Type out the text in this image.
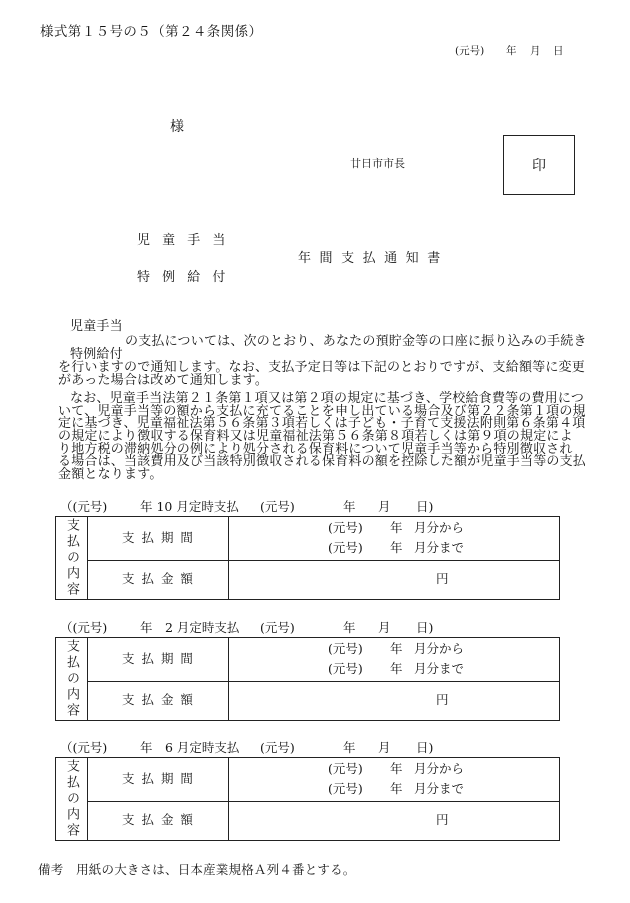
様式第１５号の５（第２４条関係）
(元号) 年 月 日
様
廿日市市長	印
児 童 手 当
年 間 支 払 通 知 書
特 例 給 付
児童手当
の支払については、次のとおり、あなたの預貯金等の口座に振り込みの手続き
特例給付
を行いますので通知します。なお、支払予定日等は下記のとおりですが、支給額等に変更
があった場合は改めて通知します。
なお、児童手当法第２１条第１項又は第２項の規定に基づき、学校給食費等の費用につ
いて、児童手当等の額から支払に充てることを申し出ている場合及び第２２条第１項の規
定に基づき、児童福祉法第５６条第３項若しくは子ども・子育て支援法附則第６条第４項
の規定により徴収する保育料又は児童福祉法第５６条第８項若しくは第９項の規定によ
り地方税の滞納処分の例により処分される保育料について児童手当等から特別徴収され
る場合は、当該費用及び当該特別徴収される保育料の額を控除した額が児童手当等の支払
金額となります。
（(元号)	年 10 月定時支払 (元号)	年 月 日)
支払の内容	支 払 期 間
(元号) 年 月分から
(元号) 年 月分まで
支 払 金 額	円
（(元号)	年　2 月定時支払 (元号)	年 月 日)
支払の内容	支 払 期 間
(元号) 年 月分から
(元号) 年 月分まで
支 払 金 額	円
（(元号)	年　6 月定時支払 (元号)	年 月 日)
支払の内容	支 払 期 間
(元号) 年 月分から
(元号) 年 月分まで
支 払 金 額	円
備考　用紙の大きさは、日本産業規格Ａ列４番とする。
